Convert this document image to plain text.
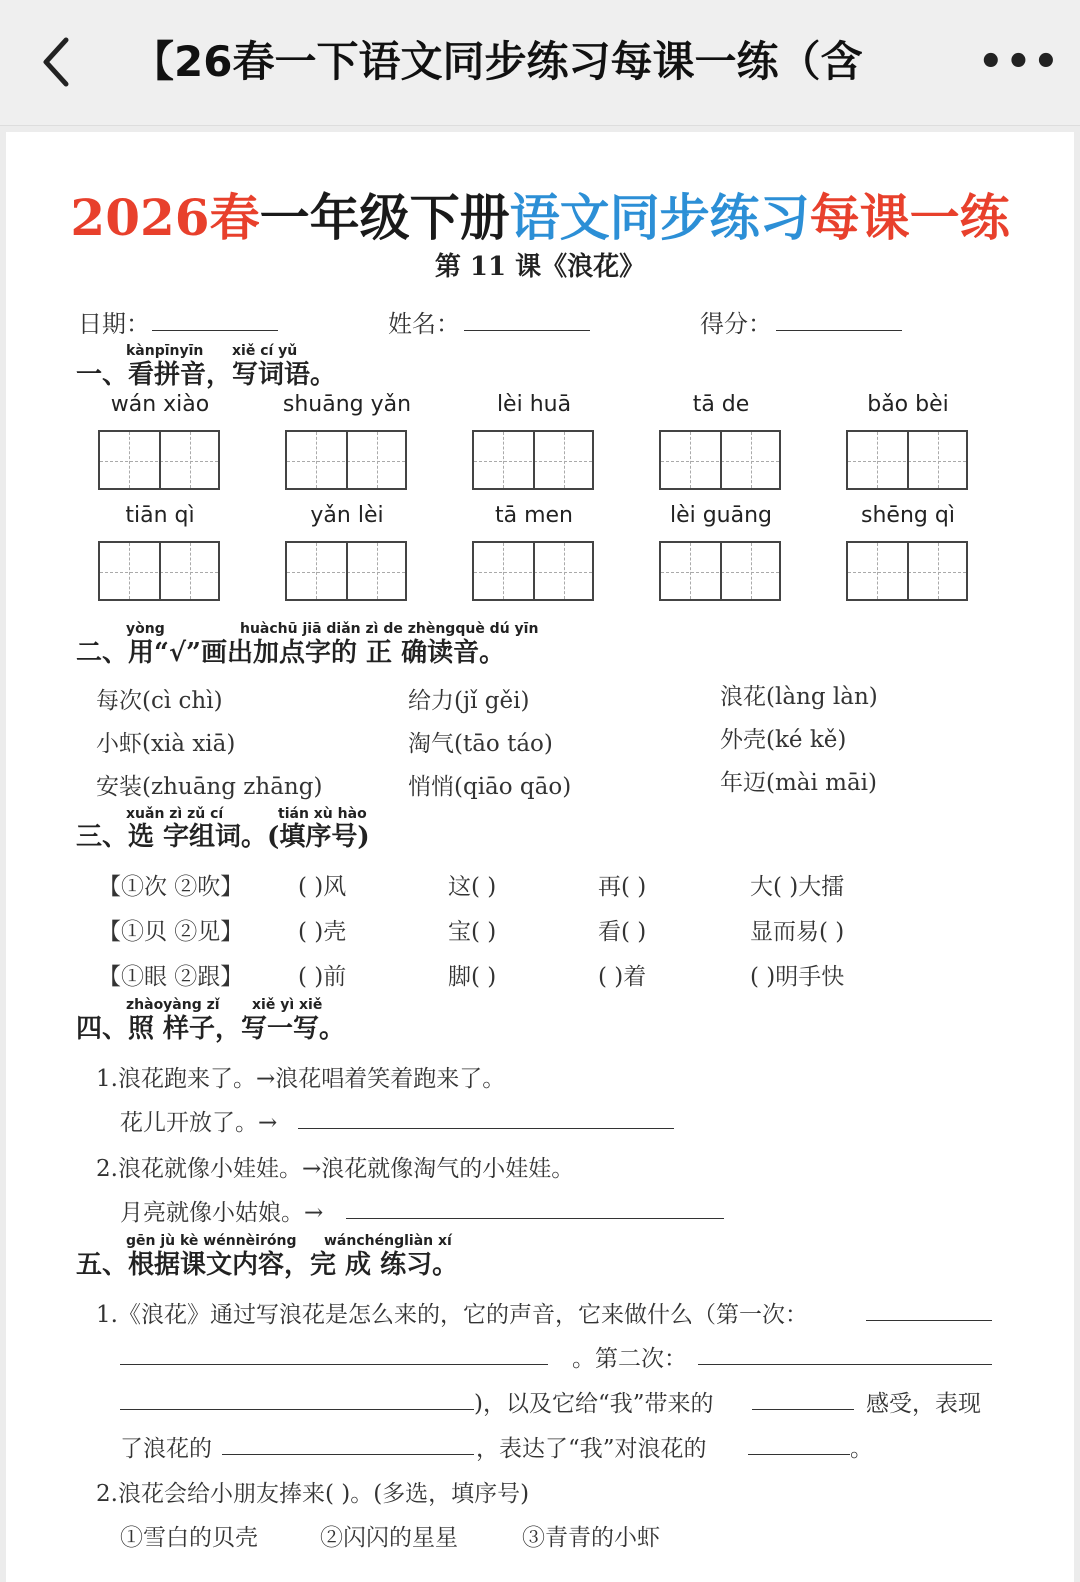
【26春一下语文同步练习每课一练（含	•••
2026春一年级下册语文同步练习每课一练
第 11 课《浪花》
日期：	姓名：	得分：
kànpīnyīn xiě cí yǔ
一、看拼音，写词语。
wán xiào	shuāng yǎn	lèi huā	tā de	bǎo bèi
tiān qì	yǎn lèi	tā men	lèi guāng	shēng qì
yòng	huàchū jiā diǎn zì de zhèngquè dú yīn
二、用“√”画出加点字的 正 确读音。
每次(cì chì)	给力(jǐ gěi)	浪花(làng làn)
小虾(xià xiā)	淘气(tāo táo)	外壳(ké kě)
安装(zhuāng zhāng)	悄悄(qiāo qāo)	年迈(mài māi)
xuǎn zì zǔ cí	tián xù hào
三、选 字组词。(填序号)
【①次 ②吹】 ( )风	这( )	再( )	大( )大擂
【①贝 ②见】 ( )壳	宝( )	看( )	显而易( )
【①眼 ②跟】 ( )前	脚( )	( )着	( )明手快
zhàoyàng zǐ xiě yì xiě
四、照 样子，写一写。
1.浪花跑来了。→浪花唱着笑着跑来了。
花儿开放了。→
2.浪花就像小娃娃。→浪花就像淘气的小娃娃。
月亮就像小姑娘。→
gēn jù kè wénnèiróng wánchéngliàn xí
五、根据课文内容，完 成 练习。
1.《浪花》通过写浪花是怎么来的，它的声音，它来做什么（第一次：
。第二次：
)，以及它给“我”带来的	感受，表现
了浪花的	，表达了“我”对浪花的	。
2.浪花会给小朋友捧来( )。(多选，填序号)
①雪白的贝壳	②闪闪的星星	③青青的小虾
